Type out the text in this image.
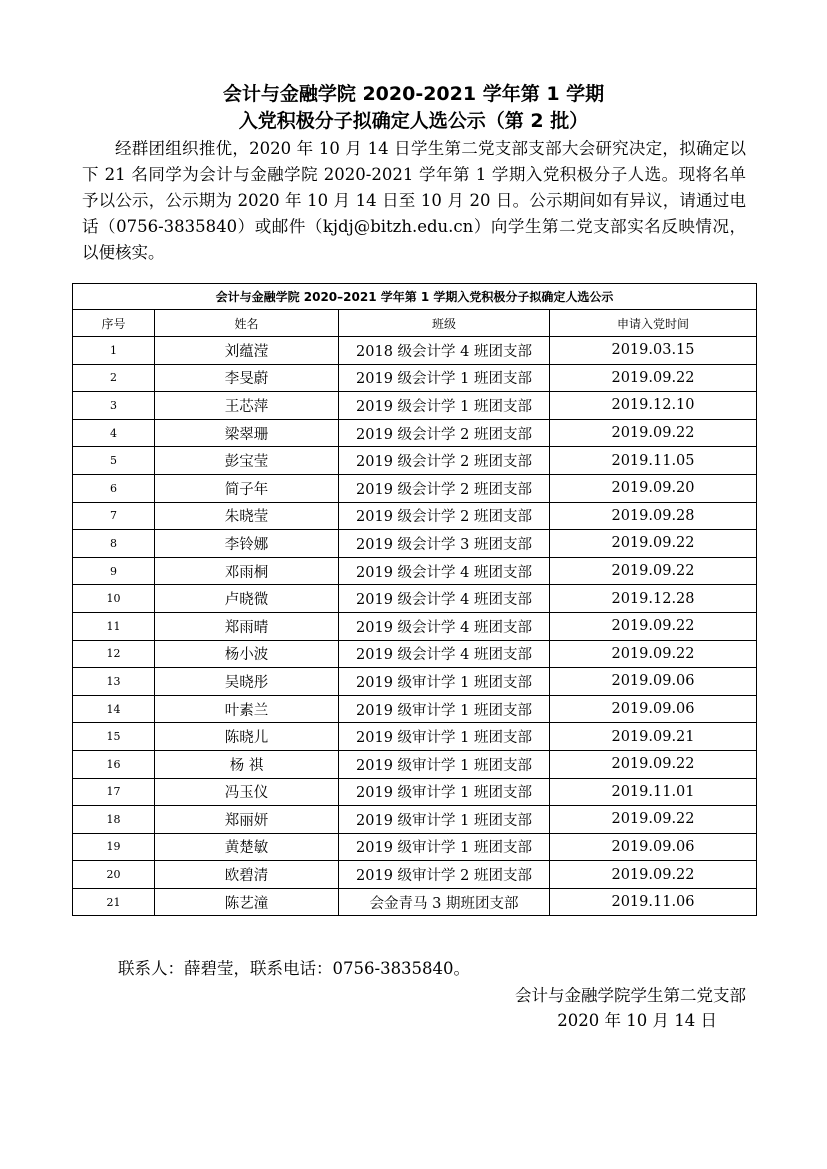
会计与金融学院 2020-2021 学年第 1 学期
入党积极分子拟确定人选公示（第 2 批）

经群团组织推优，2020 年 10 月 14 日学生第二党支部支部大会研究决定，拟确定以下 21 名同学为会计与金融学院 2020-2021 学年第 1 学期入党积极分子人选。现将名单予以公示，公示期为 2020 年 10 月 14 日至 10 月 20 日。公示期间如有异议，请通过电话（0756-3835840）或邮件（kjdj@bitzh.edu.cn）向学生第二党支部实名反映情况，以便核实。

会计与金融学院 2020–2021 学年第 1 学期入党积极分子拟确定人选公示			
序号	姓名	班级	申请入党时间
1	刘蕴滢	2018 级会计学 4 班团支部	2019.03.15
2	李旻蔚	2019 级会计学 1 班团支部	2019.09.22
3	王芯萍	2019 级会计学 1 班团支部	2019.12.10
4	梁翠珊	2019 级会计学 2 班团支部	2019.09.22
5	彭宝莹	2019 级会计学 2 班团支部	2019.11.05
6	简子年	2019 级会计学 2 班团支部	2019.09.20
7	朱晓莹	2019 级会计学 2 班团支部	2019.09.28
8	李铃娜	2019 级会计学 3 班团支部	2019.09.22
9	邓雨桐	2019 级会计学 4 班团支部	2019.09.22
10	卢晓微	2019 级会计学 4 班团支部	2019.12.28
11	郑雨晴	2019 级会计学 4 班团支部	2019.09.22
12	杨小波	2019 级会计学 4 班团支部	2019.09.22
13	吴晓彤	2019 级审计学 1 班团支部	2019.09.06
14	叶素兰	2019 级审计学 1 班团支部	2019.09.06
15	陈晓儿	2019 级审计学 1 班团支部	2019.09.21
16	杨 祺	2019 级审计学 1 班团支部	2019.09.22
17	冯玉仪	2019 级审计学 1 班团支部	2019.11.01
18	郑丽妍	2019 级审计学 1 班团支部	2019.09.22
19	黄楚敏	2019 级审计学 1 班团支部	2019.09.06
20	欧碧清	2019 级审计学 2 班团支部	2019.09.22
21	陈艺潼	会金青马 3 期班团支部	2019.11.06
联系人：薛碧莹，联系电话：0756-3835840。
会计与金融学院学生第二党支部
2020 年 10 月 14 日
